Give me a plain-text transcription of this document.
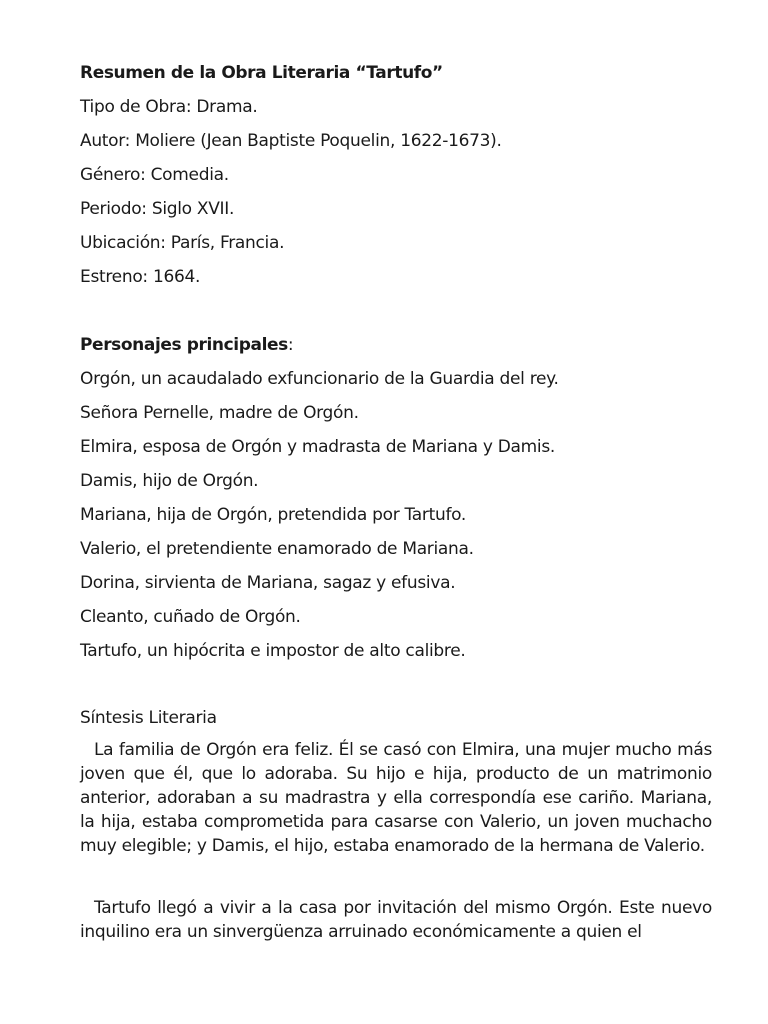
Resumen de la Obra Literaria “Tartufo”
Tipo de Obra: Drama.
Autor: Moliere (Jean Baptiste Poquelin, 1622-1673).
Género: Comedia.
Periodo: Siglo XVII.
Ubicación: París, Francia.
Estreno: 1664.
Personajes principales:
Orgón, un acaudalado exfuncionario de la Guardia del rey.
Señora Pernelle, madre de Orgón.
Elmira, esposa de Orgón y madrasta de Mariana y Damis.
Damis, hijo de Orgón.
Mariana, hija de Orgón, pretendida por Tartufo.
Valerio, el pretendiente enamorado de Mariana.
Dorina, sirvienta de Mariana, sagaz y efusiva.
Cleanto, cuñado de Orgón.
Tartufo, un hipócrita e impostor de alto calibre.
Síntesis Literaria
La familia de Orgón era feliz. Él se casó con Elmira, una mujer mucho más joven que él, que lo adoraba. Su hijo e hija, producto de un matrimonio anterior, adoraban a su madrastra y ella correspondía ese cariño. Mariana, la hija, estaba comprometida para casarse con Valerio, un joven muchacho muy elegible; y Damis, el hijo, estaba enamorado de la hermana de Valerio.
Tartufo llegó a vivir a la casa por invitación del mismo Orgón. Este nuevo inquilino era un sinvergüenza arruinado económicamente a quien el
